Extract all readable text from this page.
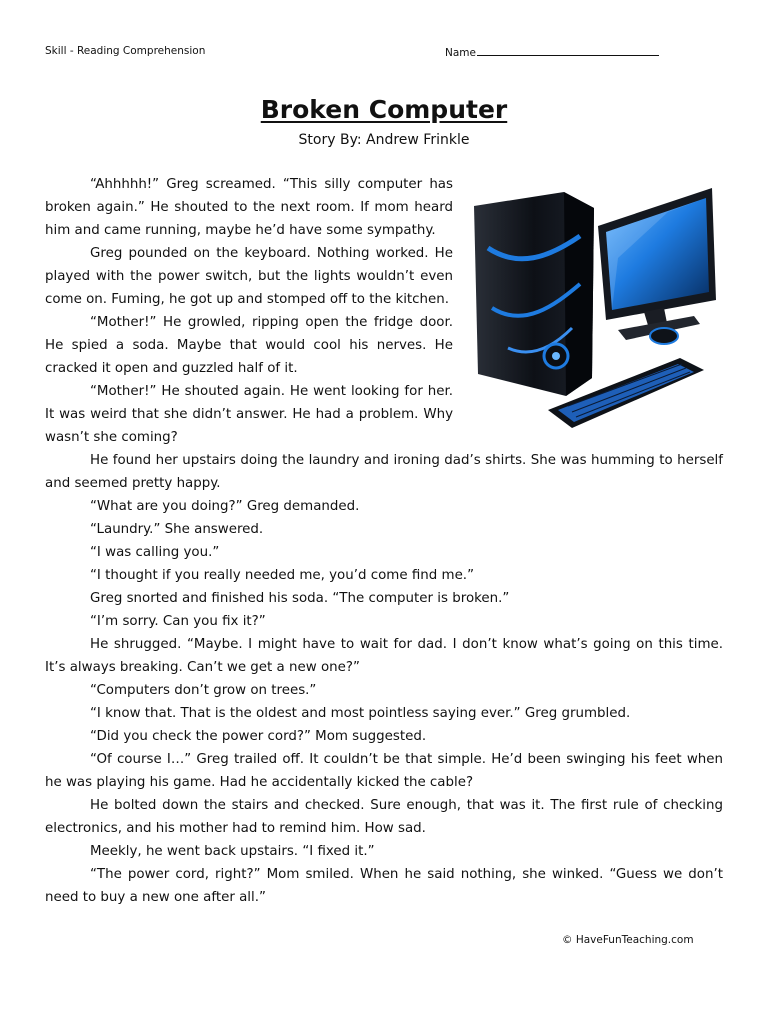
Skill - Reading Comprehension	Name
Broken Computer
Story By: Andrew Frinkle

“Ahhhhh!” Greg screamed. “This silly computer has broken again.” He shouted to the next room. If mom heard him and came running, maybe he’d have some sympathy.

Greg pounded on the keyboard. Nothing worked. He played with the power switch, but the lights wouldn’t even come on. Fuming, he got up and stomped off to the kitchen.

“Mother!” He growled, ripping open the fridge door. He spied a soda. Maybe that would cool his nerves. He cracked it open and guzzled half of it.

“Mother!” He shouted again. He went looking for her. It was weird that she didn’t answer. He had a problem. Why wasn’t she coming?

He found her upstairs doing the laundry and ironing dad’s shirts. She was humming to herself and seemed pretty happy.

“What are you doing?” Greg demanded.

“Laundry.” She answered.

“I was calling you.”

“I thought if you really needed me, you’d come find me.”

Greg snorted and finished his soda. “The computer is broken.”

“I’m sorry. Can you fix it?”

He shrugged. “Maybe. I might have to wait for dad. I don’t know what’s going on this time. It’s always breaking. Can’t we get a new one?”

“Computers don’t grow on trees.”

“I know that. That is the oldest and most pointless saying ever.” Greg grumbled.

“Did you check the power cord?” Mom suggested.

“Of course I…” Greg trailed off. It couldn’t be that simple. He’d been swinging his feet when he was playing his game. Had he accidentally kicked the cable?

He bolted down the stairs and checked. Sure enough, that was it. The first rule of checking electronics, and his mother had to remind him. How sad.

Meekly, he went back upstairs. “I fixed it.”

“The power cord, right?” Mom smiled. When he said nothing, she winked. “Guess we don’t need to buy a new one after all.”

© HaveFunTeaching.com
